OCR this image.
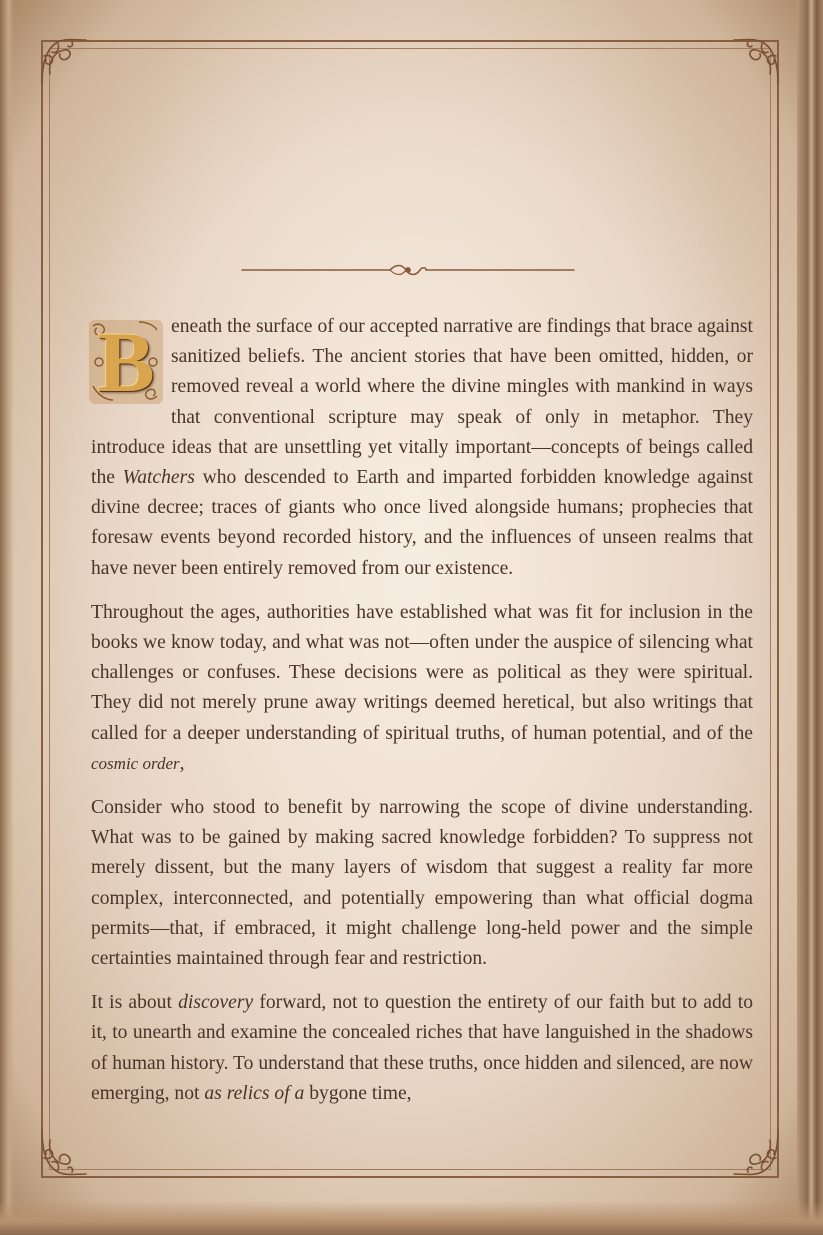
B eneath the surface of our accepted narrative are findings that brace against sanitized beliefs. The ancient stories that have been omitted, hidden, or removed reveal a world where the divine mingles with mankind in ways that conventional scripture may speak of only in metaphor. They introduce ideas that are unsettling yet vitally important—concepts of beings called the Watchers who descended to Earth and imparted forbidden knowledge against divine decree; traces of giants who once lived alongside humans; prophecies that foresaw events beyond recorded history, and the influences of unseen realms that have never been entirely removed from our existence.

Throughout the ages, authorities have established what was fit for inclusion in the books we know today, and what was not—often under the auspice of silencing what challenges or confuses. These decisions were as political as they were spiritual. They did not merely prune away writings deemed heretical, but also writings that called for a deeper understanding of spiritual truths, of human potential, and of the cosmic order,

Consider who stood to benefit by narrowing the scope of divine understanding. What was to be gained by making sacred knowledge forbidden? To suppress not merely dissent, but the many layers of wisdom that suggest a reality far more complex, interconnected, and potentially empowering than what official dogma permits—that, if embraced, it might challenge long-held power and the simple certainties maintained through fear and restriction.

It is about discovery forward, not to question the entirety of our faith but to add to it, to unearth and examine the concealed riches that have languished in the shadows of human history. To understand that these truths, once hidden and silenced, are now emerging, not as relics of a bygone time,
